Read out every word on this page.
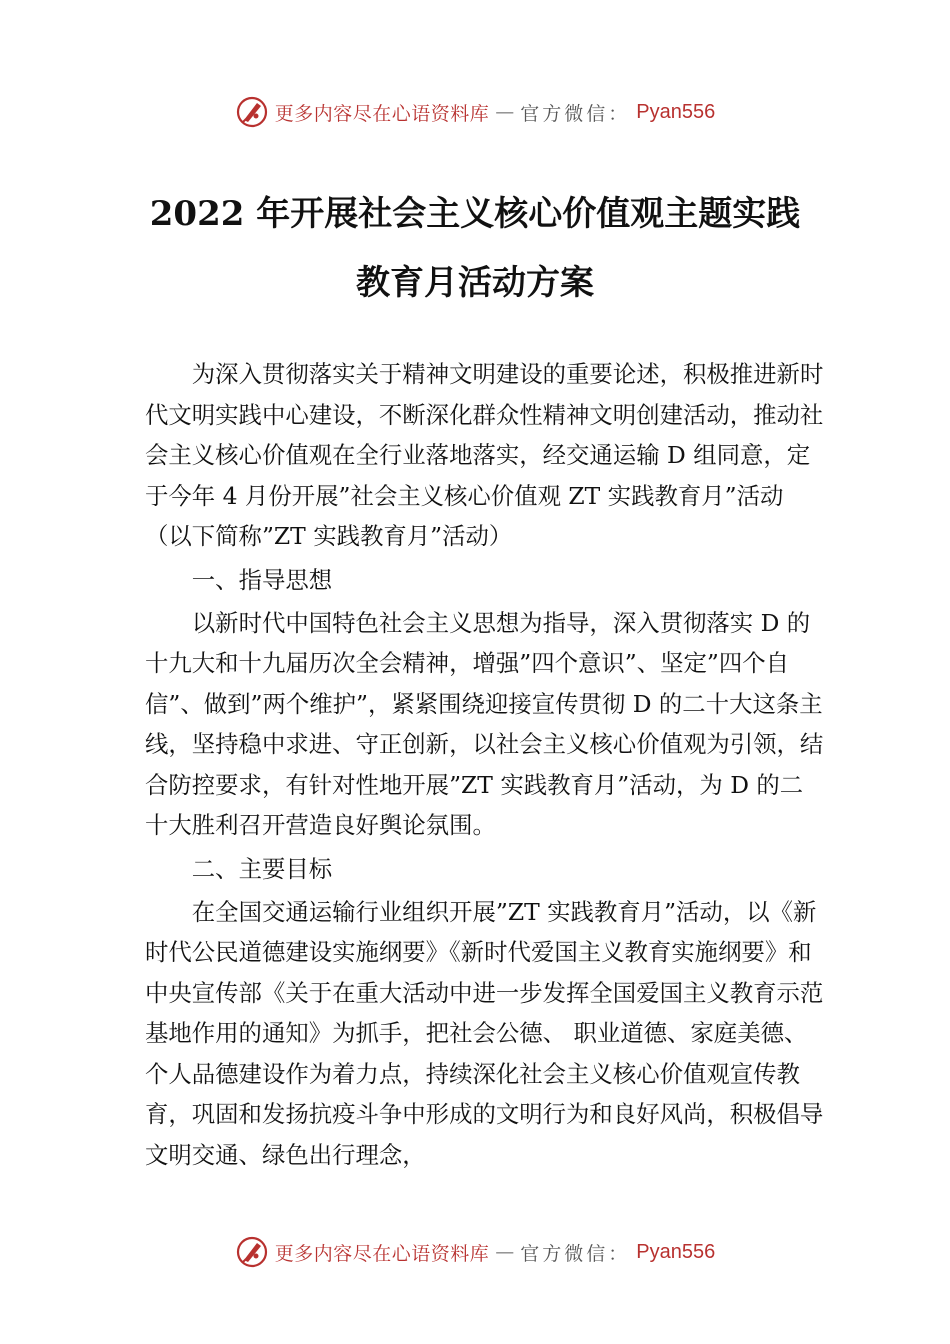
更多内容尽在心语资料库 — 官方微信： Pyan556
2022 年开展社会主义核心价值观主题实践
教育月活动方案

为深入贯彻落实关于精神文明建设的重要论述，积极推进新时代文明实践中心建设，不断深化群众性精神文明创建活动，推动社会主义核心价值观在全行业落地落实，经交通运输 D 组同意，定于今年 4 月份开展”社会主义核心价值观 ZT 实践教育月”活动（以下简称”ZT 实践教育月”活动）

一、指导思想

以新时代中国特色社会主义思想为指导，深入贯彻落实 D 的十九大和十九届历次全会精神，增强”四个意识”、坚定”四个自信”、做到”两个维护”，紧紧围绕迎接宣传贯彻 D 的二十大这条主线，坚持稳中求进、守正创新，以社会主义核心价值观为引领，结合防控要求，有针对性地开展”ZT 实践教育月”活动，为 D 的二十大胜利召开营造良好舆论氛围。

二、主要目标

在全国交通运输行业组织开展”ZT 实践教育月”活动，以《新时代公民道德建设实施纲要》《新时代爱国主义教育实施纲要》和中央宣传部《关于在重大活动中进一步发挥全国爱国主义教育示范基地作用的通知》为抓手，把社会公德、 职业道德、家庭美德、个人品德建设作为着力点，持续深化社会主义核心价值观宣传教育，巩固和发扬抗疫斗争中形成的文明行为和良好风尚，积极倡导文明交通、绿色出行理念，

更多内容尽在心语资料库 — 官方微信： Pyan556
